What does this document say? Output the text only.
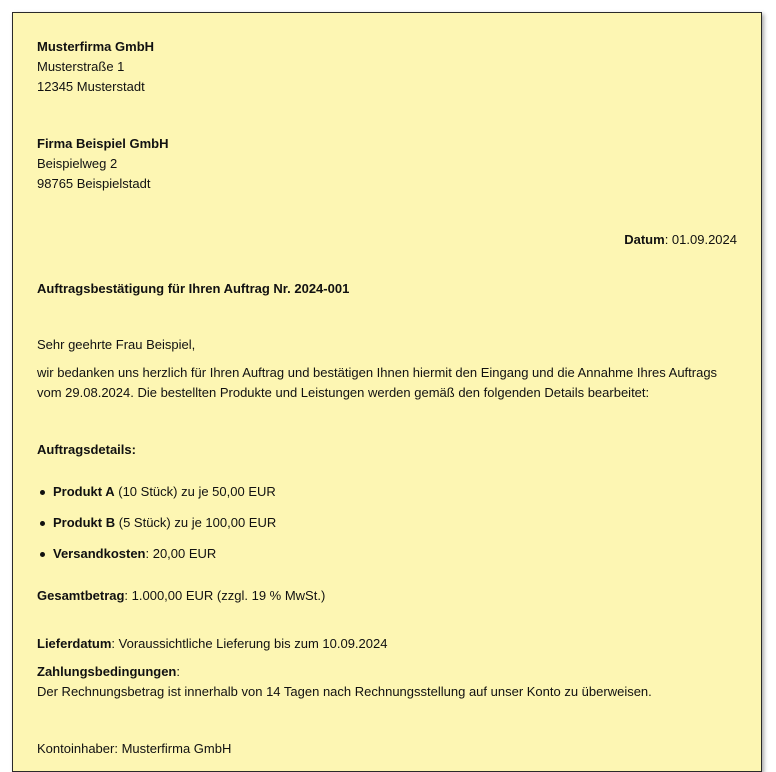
Musterfirma GmbH
Musterstraße 1
12345 Musterstadt
Firma Beispiel GmbH
Beispielweg 2
98765 Beispielstadt
Datum: 01.09.2024
Auftragsbestätigung für Ihren Auftrag Nr. 2024-001
Sehr geehrte Frau Beispiel,
wir bedanken uns herzlich für Ihren Auftrag und bestätigen Ihnen hiermit den Eingang und die Annahme Ihres Auftrags vom 29.08.2024. Die bestellten Produkte und Leistungen werden gemäß den folgenden Details bearbeitet:
Auftragsdetails:
Produkt A (10 Stück) zu je 50,00 EUR
Produkt B (5 Stück) zu je 100,00 EUR
Versandkosten: 20,00 EUR
Gesamtbetrag: 1.000,00 EUR (zzgl. 19 % MwSt.)
Lieferdatum: Voraussichtliche Lieferung bis zum 10.09.2024
Zahlungsbedingungen:
Der Rechnungsbetrag ist innerhalb von 14 Tagen nach Rechnungsstellung auf unser Konto zu überweisen.
Kontoinhaber: Musterfirma GmbH
